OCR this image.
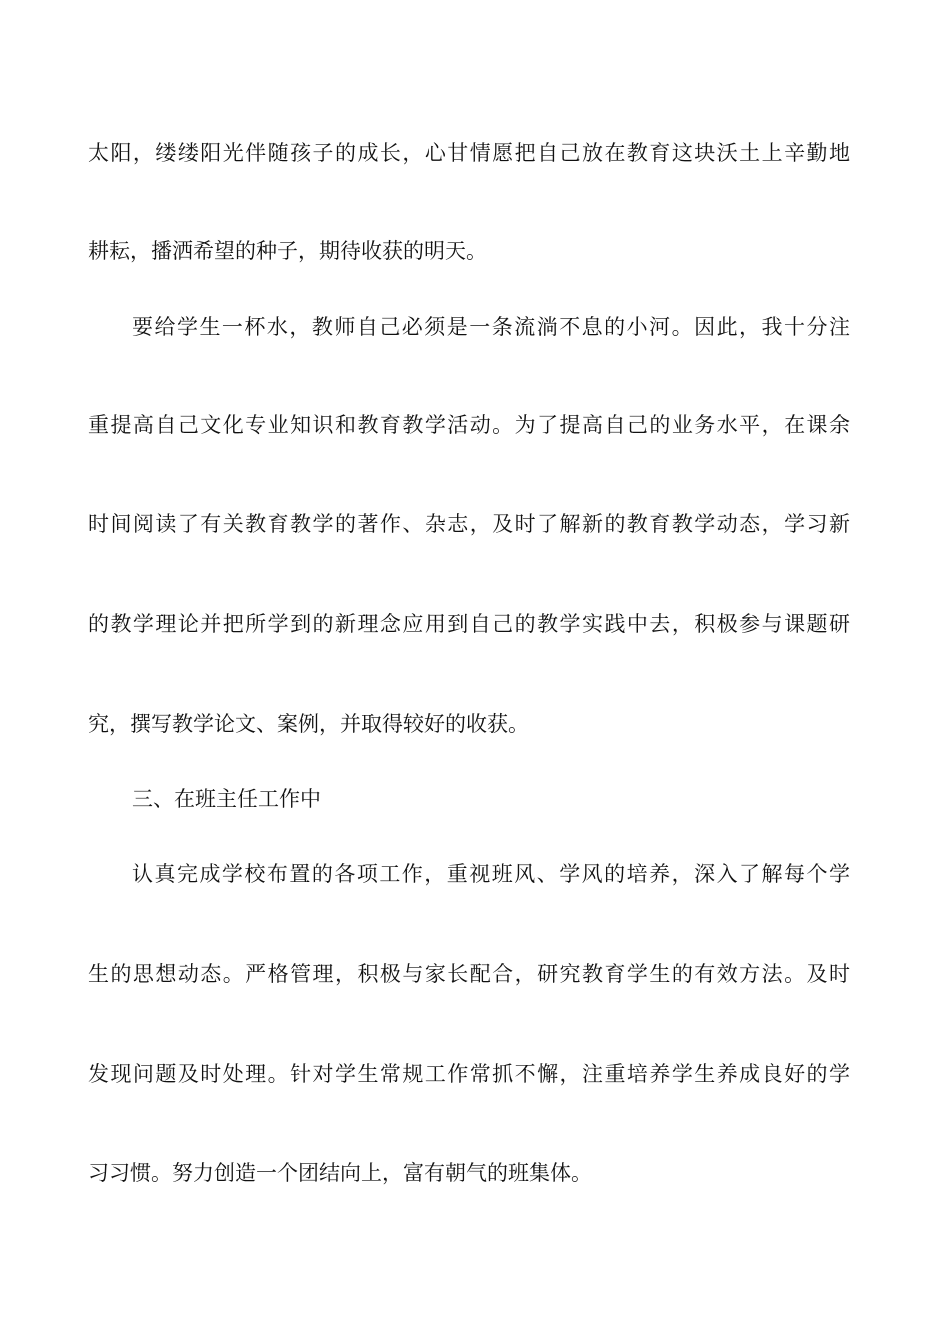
太阳，缕缕阳光伴随孩子的成长，心甘情愿把自己放在教育这块沃土上辛勤地

耕耘，播洒希望的种子，期待收获的明天。

要给学生一杯水，教师自己必须是一条流淌不息的小河。因此，我十分注

重提高自己文化专业知识和教育教学活动。为了提高自己的业务水平，在课余

时间阅读了有关教育教学的著作、杂志，及时了解新的教育教学动态，学习新

的教学理论并把所学到的新理念应用到自己的教学实践中去，积极参与课题研

究，撰写教学论文、案例，并取得较好的收获。

三、在班主任工作中

认真完成学校布置的各项工作，重视班风、学风的培养，深入了解每个学

生的思想动态。严格管理，积极与家长配合，研究教育学生的有效方法。及时

发现问题及时处理。针对学生常规工作常抓不懈，注重培养学生养成良好的学

习习惯。努力创造一个团结向上，富有朝气的班集体。
